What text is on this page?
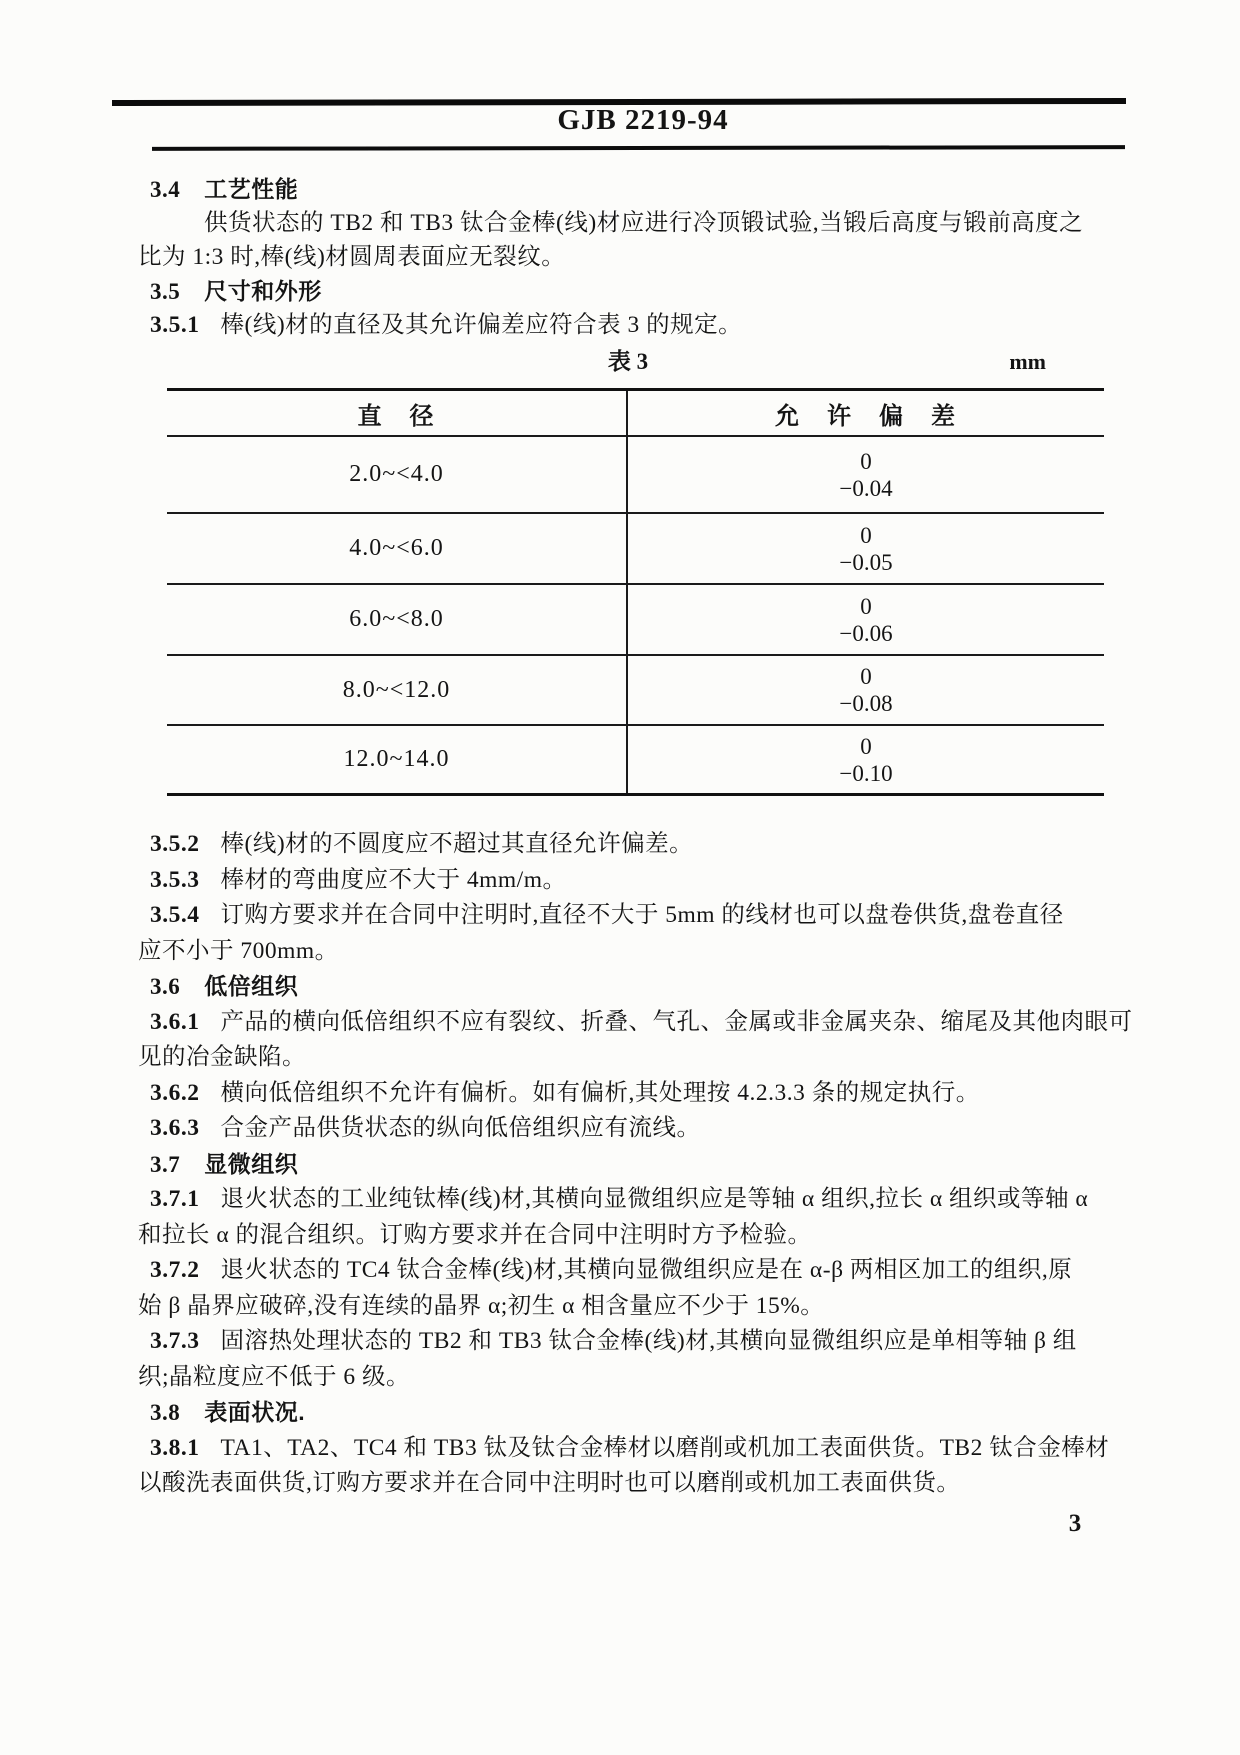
GJB 2219-94
3.4 工艺性能
供货状态的 TB2 和 TB3 钛合金棒(线)材应进行冷顶锻试验,当锻后高度与锻前高度之
比为 1:3 时,棒(线)材圆周表面应无裂纹。
3.5 尺寸和外形
3.5.1 棒(线)材的直径及其允许偏差应符合表 3 的规定。
表 3	mm
直　径	允　许　偏　差
2.0~<4.0	0
−0.04
4.0~<6.0	0
−0.05
6.0~<8.0	0
−0.06
8.0~<12.0	0
−0.08
12.0~14.0	0
−0.10
3.5.2 棒(线)材的不圆度应不超过其直径允许偏差。
3.5.3 棒材的弯曲度应不大于 4mm/m。
3.5.4 订购方要求并在合同中注明时,直径不大于 5mm 的线材也可以盘卷供货,盘卷直径
应不小于 700mm。
3.6 低倍组织
3.6.1 产品的横向低倍组织不应有裂纹、折叠、气孔、金属或非金属夹杂、缩尾及其他肉眼可
见的冶金缺陷。
3.6.2 横向低倍组织不允许有偏析。如有偏析,其处理按 4.2.3.3 条的规定执行。
3.6.3 合金产品供货状态的纵向低倍组织应有流线。
3.7 显微组织
3.7.1 退火状态的工业纯钛棒(线)材,其横向显微组织应是等轴 α 组织,拉长 α 组织或等轴 α
和拉长 α 的混合组织。订购方要求并在合同中注明时方予检验。
3.7.2 退火状态的 TC4 钛合金棒(线)材,其横向显微组织应是在 α-β 两相区加工的组织,原
始 β 晶界应破碎,没有连续的晶界 α;初生 α 相含量应不少于 15%。
3.7.3 固溶热处理状态的 TB2 和 TB3 钛合金棒(线)材,其横向显微组织应是单相等轴 β 组
织;晶粒度应不低于 6 级。
3.8 表面状况.
3.8.1 TA1、TA2、TC4 和 TB3 钛及钛合金棒材以磨削或机加工表面供货。TB2 钛合金棒材
以酸洗表面供货,订购方要求并在合同中注明时也可以磨削或机加工表面供货。
3
